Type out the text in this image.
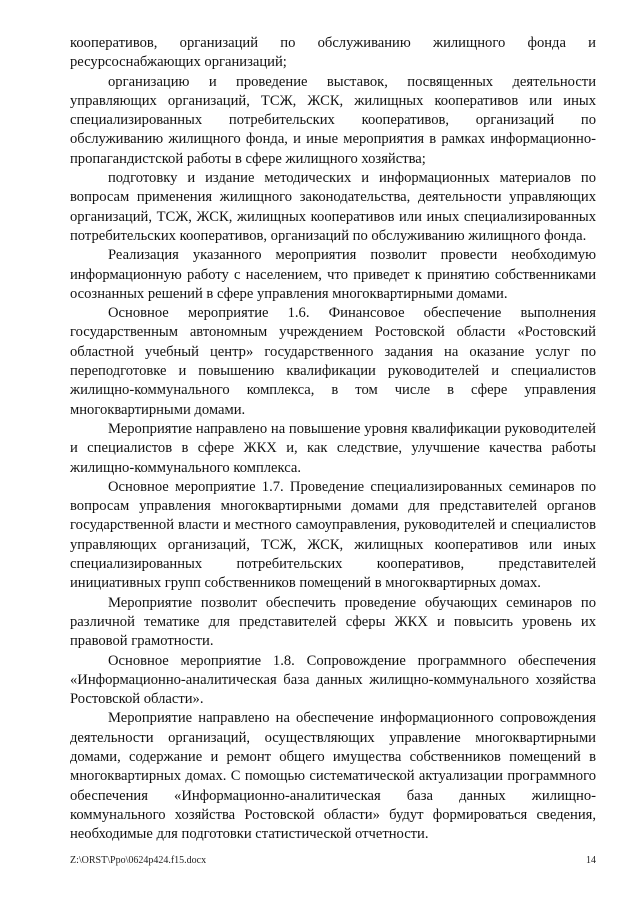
кооперативов, организаций по обслуживанию жилищного фонда и ресурсоснабжающих организаций;

организацию и проведение выставок, посвященных деятельности управляющих организаций, ТСЖ, ЖСК, жилищных кооперативов или иных специализированных потребительских кооперативов, организаций по обслуживанию жилищного фонда, и иные мероприятия в рамках информационно-пропагандистской работы в сфере жилищного хозяйства;

подготовку и издание методических и информационных материалов по вопросам применения жилищного законодательства, деятельности управляющих организаций, ТСЖ, ЖСК, жилищных кооперативов или иных специализированных потребительских кооперативов, организаций по обслуживанию жилищного фонда.

Реализация указанного мероприятия позволит провести необходимую информационную работу с населением, что приведет к принятию собственниками осознанных решений в сфере управления многоквартирными домами.

Основное мероприятие 1.6. Финансовое обеспечение выполнения государственным автономным учреждением Ростовской области «Ростовский областной учебный центр» государственного задания на оказание услуг по переподготовке и повышению квалификации руководителей и специалистов жилищно-коммунального комплекса, в том числе в сфере управления многоквартирными домами.

Мероприятие направлено на повышение уровня квалификации руководителей и специалистов в сфере ЖКХ и, как следствие, улучшение качества работы жилищно-коммунального комплекса.

Основное мероприятие 1.7. Проведение специализированных семинаров по вопросам управления многоквартирными домами для представителей органов государственной власти и местного самоуправления, руководителей и специалистов управляющих организаций, ТСЖ, ЖСК, жилищных кооперативов или иных специализированных потребительских кооперативов, представителей инициативных групп собственников помещений в многоквартирных домах.

Мероприятие позволит обеспечить проведение обучающих семинаров по различной тематике для представителей сферы ЖКХ и повысить уровень их правовой грамотности.

Основное мероприятие 1.8. Сопровождение программного обеспечения «Информационно-аналитическая база данных жилищно-коммунального хозяйства Ростовской области».

Мероприятие направлено на обеспечение информационного сопровождения деятельности организаций, осуществляющих управление многоквартирными домами, содержание и ремонт общего имущества собственников помещений в многоквартирных домах. С помощью систематической актуализации программного обеспечения «Информационно-аналитическая база данных жилищно-коммунального хозяйства Ростовской области» будут формироваться сведения, необходимые для подготовки статистической отчетности.

Z:\ORST\Ppo\0624p424.f15.docx	14
